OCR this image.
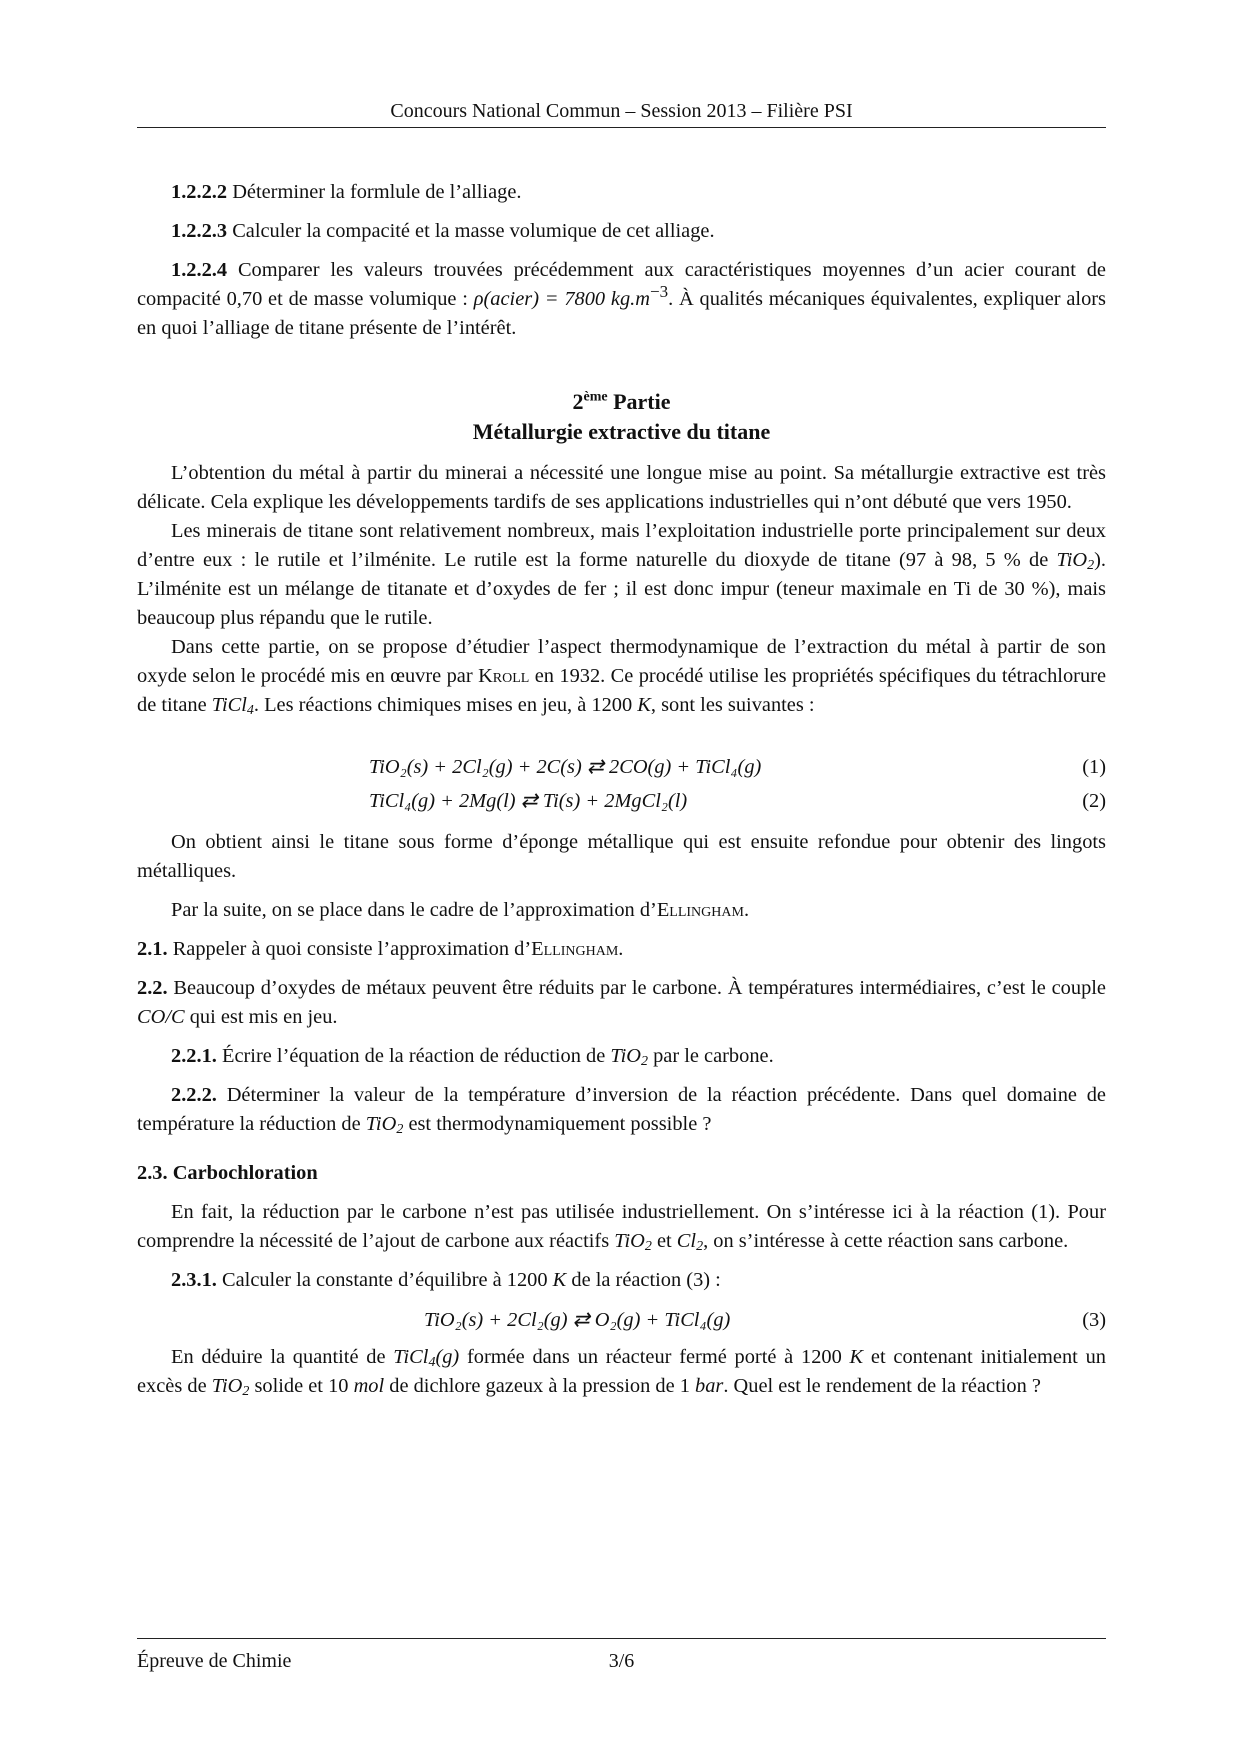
Concours National Commun – Session 2013 – Filière PSI

1.2.2.2 Déterminer la formlule de l’alliage.

1.2.2.3 Calculer la compacité et la masse volumique de cet alliage.

1.2.2.4 Comparer les valeurs trouvées précédemment aux caractéristiques moyennes d’un acier courant de compacité 0,70 et de masse volumique : ρ(acier) = 7800 $kg.m^{-3}$. À qualités mécaniques équivalentes, expliquer alors en quoi l’alliage de titane présente de l’intérêt.

2ème Partie
Métallurgie extractive du titane

L’obtention du métal à partir du minerai a nécessité une longue mise au point. Sa métallurgie extractive est très délicate. Cela explique les développements tardifs de ses applications industrielles qui n’ont débuté que vers 1950.

Les minerais de titane sont relativement nombreux, mais l’exploitation industrielle porte principalement sur deux d’entre eux : le rutile et l’ilménite. Le rutile est la forme naturelle du dioxyde de titane (97 à 98, 5 % de TiO$_2$). L’ilménite est un mélange de titanate et d’oxydes de fer ; il est donc impur (teneur maximale en Ti de 30 %), mais beaucoup plus répandu que le rutile.

Dans cette partie, on se propose d’étudier l’aspect thermodynamique de l’extraction du métal à partir de son oxyde selon le procédé mis en œuvre par Kroll en 1932. Ce procédé utilise les propriétés spécifiques du tétrachlorure de titane TiCl$_4$. Les réactions chimiques mises en jeu, à 1200 K, sont les suivantes :

TiO₂(s) + 2Cl₂(g) + 2C(s) ⇄ 2CO(g) + TiCl₄(g)	(1)
TiCl₄(g) + 2Mg(l) ⇄ Ti(s) + 2MgCl₂(l)	(2)

On obtient ainsi le titane sous forme d’éponge métallique qui est ensuite refondue pour obtenir des lingots métalliques.

Par la suite, on se place dans le cadre de l’approximation d’Ellingham.

2.1. Rappeler à quoi consiste l’approximation d’Ellingham.

2.2. Beaucoup d’oxydes de métaux peuvent être réduits par le carbone. À températures intermédiaires, c’est le couple CO/C qui est mis en jeu.

2.2.1. Écrire l’équation de la réaction de réduction de TiO$_2$ par le carbone.

2.2.2. Déterminer la valeur de la température d’inversion de la réaction précédente. Dans quel domaine de température la réduction de TiO$_2$ est thermodynamiquement possible ?

2.3. Carbochloration

En fait, la réduction par le carbone n’est pas utilisée industriellement. On s’intéresse ici à la réaction (1). Pour comprendre la nécessité de l’ajout de carbone aux réactifs TiO$_2$ et $Cl_2$, on s’intéresse à cette réaction sans carbone.

2.3.1. Calculer la constante d’équilibre à 1200 K de la réaction (3) :

TiO₂(s) + 2Cl₂(g) ⇄ O₂(g) + TiCl₄(g)	(3)

En déduire la quantité de TiCl$_4$(g) formée dans un réacteur fermé porté à 1200 K et contenant initialement un excès de TiO$_2$ solide et 10 mol de dichlore gazeux à la pression de 1 bar. Quel est le rendement de la réaction ?

Épreuve de Chimie	3/6
